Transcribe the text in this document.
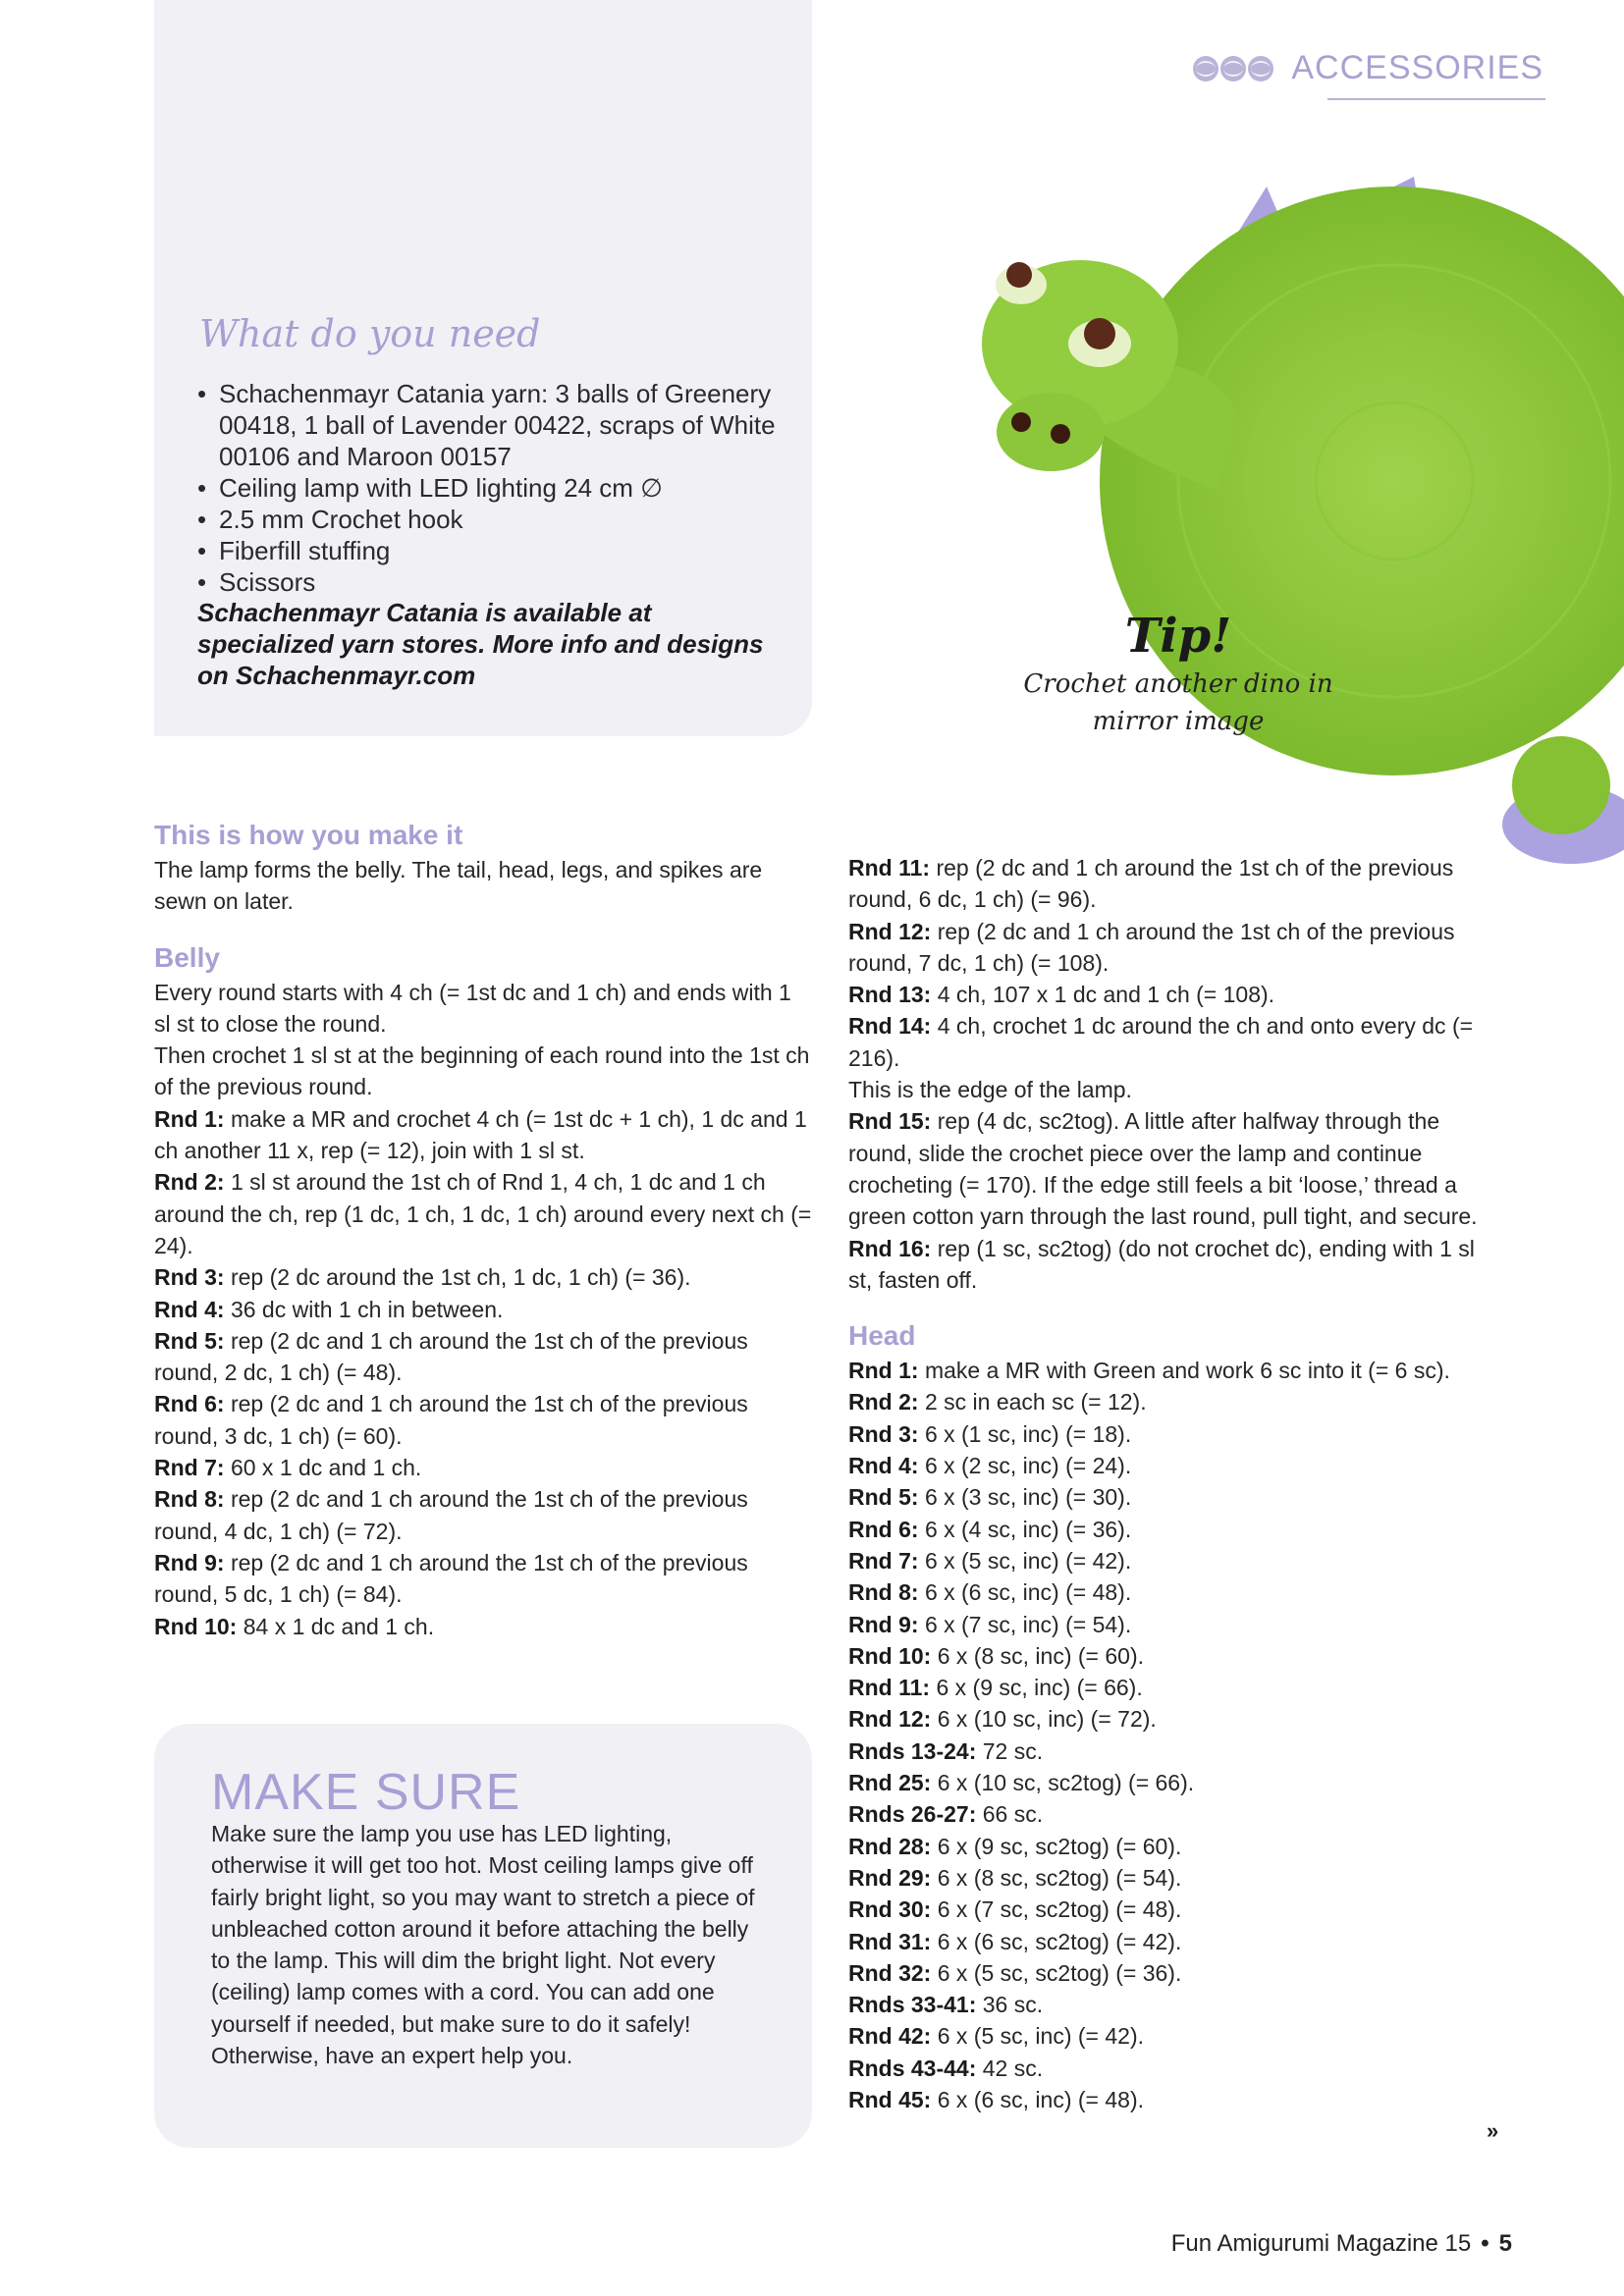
ACCESSORIES
What do you need
• Schachenmayr Catania yarn: 3 balls of Greenery 00418, 1 ball of Lavender 00422, scraps of White 00106 and Maroon 00157
• Ceiling lamp with LED lighting 24 cm ∅
• 2.5 mm Crochet hook
• Fiberfill stuffing
• Scissors
Schachenmayr Catania is available at specialized yarn stores. More info and designs on Schachenmayr.com
Tip!
Crochet another dino in mirror image
This is how you make it

The lamp forms the belly. The tail, head, legs, and spikes are sewn on later.

Belly

Every round starts with 4 ch (= 1st dc and 1 ch) and ends with 1 sl st to close the round.

Then crochet 1 sl st at the beginning of each round into the 1st ch of the previous round.

Rnd 1: make a MR and crochet 4 ch (= 1st dc + 1 ch), 1 dc and 1 ch another 11 x, rep (= 12), join with 1 sl st.

Rnd 2: 1 sl st around the 1st ch of Rnd 1, 4 ch, 1 dc and 1 ch around the ch, rep (1 dc, 1 ch, 1 dc, 1 ch) around every next ch (= 24).

Rnd 3: rep (2 dc around the 1st ch, 1 dc, 1 ch) (= 36).

Rnd 4: 36 dc with 1 ch in between.

Rnd 5: rep (2 dc and 1 ch around the 1st ch of the previous round, 2 dc, 1 ch) (= 48).

Rnd 6: rep (2 dc and 1 ch around the 1st ch of the previous round, 3 dc, 1 ch) (= 60).

Rnd 7: 60 x 1 dc and 1 ch.

Rnd 8: rep (2 dc and 1 ch around the 1st ch of the previous round, 4 dc, 1 ch) (= 72).

Rnd 9: rep (2 dc and 1 ch around the 1st ch of the previous round, 5 dc, 1 ch) (= 84).

Rnd 10: 84 x 1 dc and 1 ch.

Rnd 11: rep (2 dc and 1 ch around the 1st ch of the previous round, 6 dc, 1 ch) (= 96).

Rnd 12: rep (2 dc and 1 ch around the 1st ch of the previous round, 7 dc, 1 ch) (= 108).

Rnd 13: 4 ch, 107 x 1 dc and 1 ch (= 108).

Rnd 14: 4 ch, crochet 1 dc around the ch and onto every dc (= 216).

This is the edge of the lamp.

Rnd 15: rep (4 dc, sc2tog). A little after halfway through the round, slide the crochet piece over the lamp and continue crocheting (= 170). If the edge still feels a bit ‘loose,’ thread a green cotton yarn through the last round, pull tight, and secure.

Rnd 16: rep (1 sc, sc2tog) (do not crochet dc), ending with 1 sl st, fasten off.

Head

Rnd 1: make a MR with Green and work 6 sc into it (= 6 sc).

Rnd 2: 2 sc in each sc (= 12).

Rnd 3: 6 x (1 sc, inc) (= 18).

Rnd 4: 6 x (2 sc, inc) (= 24).

Rnd 5: 6 x (3 sc, inc) (= 30).

Rnd 6: 6 x (4 sc, inc) (= 36).

Rnd 7: 6 x (5 sc, inc) (= 42).

Rnd 8: 6 x (6 sc, inc) (= 48).

Rnd 9: 6 x (7 sc, inc) (= 54).

Rnd 10: 6 x (8 sc, inc) (= 60).

Rnd 11: 6 x (9 sc, inc) (= 66).

Rnd 12: 6 x (10 sc, inc) (= 72).

Rnds 13-24: 72 sc.

Rnd 25: 6 x (10 sc, sc2tog) (= 66).

Rnds 26-27: 66 sc.

Rnd 28: 6 x (9 sc, sc2tog) (= 60).

Rnd 29: 6 x (8 sc, sc2tog) (= 54).

Rnd 30: 6 x (7 sc, sc2tog) (= 48).

Rnd 31: 6 x (6 sc, sc2tog) (= 42).

Rnd 32: 6 x (5 sc, sc2tog) (= 36).

Rnds 33-41: 36 sc.

Rnd 42: 6 x (5 sc, inc) (= 42).

Rnds 43-44: 42 sc.

Rnd 45: 6 x (6 sc, inc) (= 48).

MAKE SURE

Make sure the lamp you use has LED lighting, otherwise it will get too hot. Most ceiling lamps give off fairly bright light, so you may want to stretch a piece of unbleached cotton around it before attaching the belly to the lamp. This will dim the bright light. Not every (ceiling) lamp comes with a cord. You can add one yourself if needed, but make sure to do it safely! Otherwise, have an expert help you.

»
Fun Amigurumi Magazine 15 • 5
